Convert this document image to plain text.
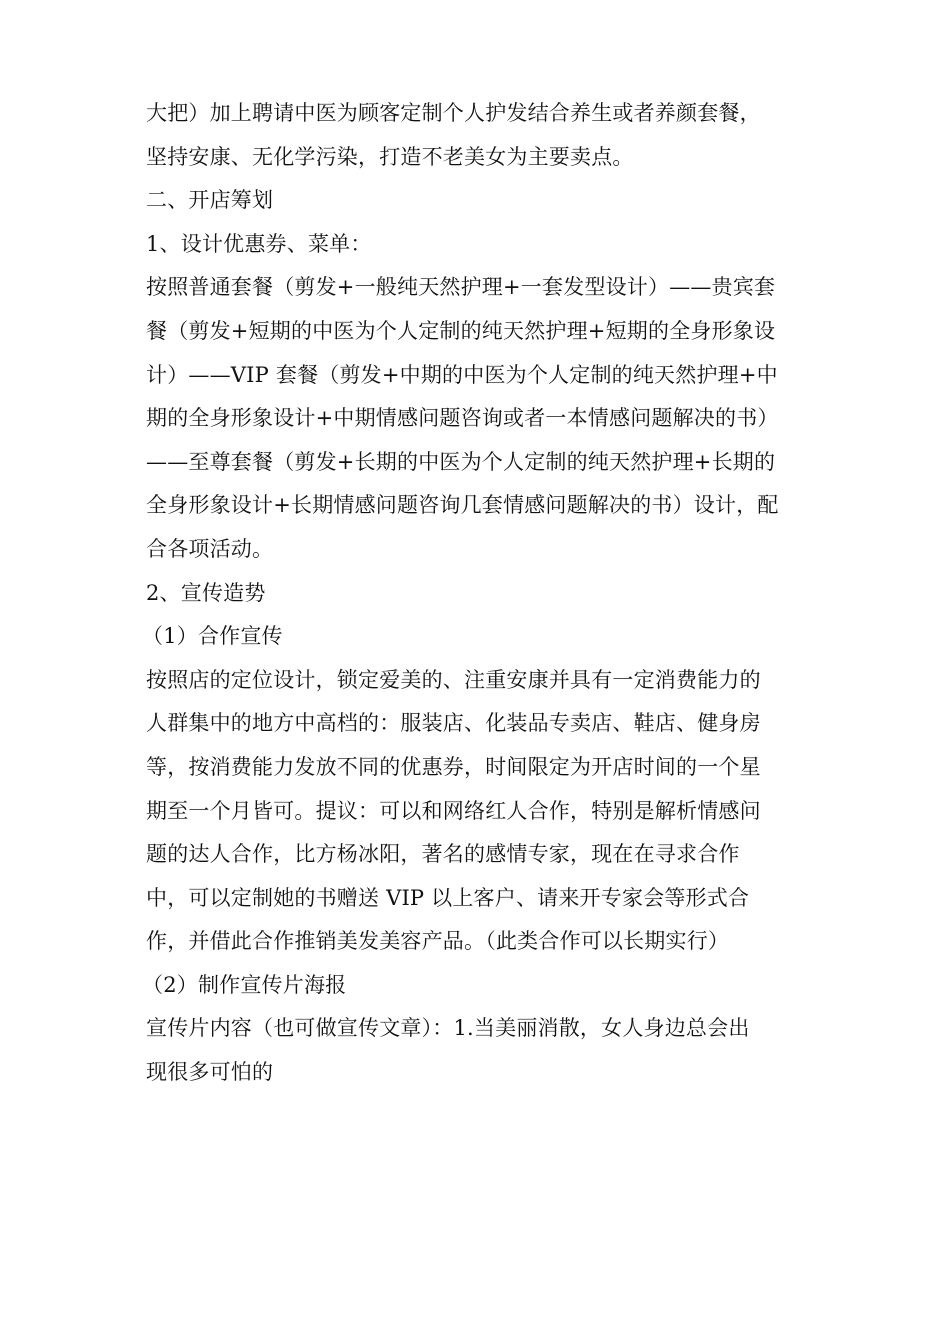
大把）加上聘请中医为顾客定制个人护发结合养生或者养颜套餐，
坚持安康、无化学污染，打造不老美女为主要卖点。
二、开店筹划
1、设计优惠券、菜单：
按照普通套餐（剪发+一般纯天然护理+一套发型设计）——贵宾套
餐（剪发+短期的中医为个人定制的纯天然护理+短期的全身形象设
计）——VIP 套餐（剪发+中期的中医为个人定制的纯天然护理+中
期的全身形象设计+中期情感问题咨询或者一本情感问题解决的书）
——至尊套餐（剪发+长期的中医为个人定制的纯天然护理+长期的
全身形象设计+长期情感问题咨询几套情感问题解决的书）设计，配
合各项活动。
2、宣传造势
（1）合作宣传
按照店的定位设计，锁定爱美的、注重安康并具有一定消费能力的
人群集中的地方中高档的：服装店、化装品专卖店、鞋店、健身房
等，按消费能力发放不同的优惠券，时间限定为开店时间的一个星
期至一个月皆可。提议：可以和网络红人合作，特别是解析情感问
题的达人合作，比方杨冰阳，著名的感情专家，现在在寻求合作
中，可以定制她的书赠送 VIP 以上客户、请来开专家会等形式合
作，并借此合作推销美发美容产品。（此类合作可以长期实行）
（2）制作宣传片海报
宣传片内容（也可做宣传文章）：1.当美丽消散，女人身边总会出
现很多可怕的
